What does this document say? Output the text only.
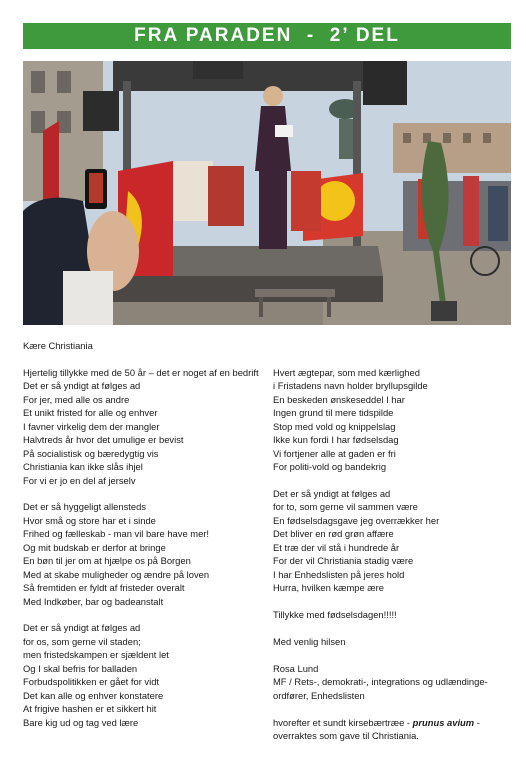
FRA PARADEN  -  2’ DEL
Kære Christiania
Hjertelig tillykke med de 50 år – det er noget af en bedrift
Det er så yndigt at følges ad
For jer, med alle os andre
Et unikt fristed for alle og enhver
I favner virkelig dem der mangler
Halvtreds år hvor det umulige er bevist
På socialistisk og bæredygtig vis
Christiania kan ikke slås ihjel
For vi er jo en del af jerselv
Det er så hyggeligt allensteds
Hvor små og store har et i sinde
Frihed og fælleskab - man vil bare have mer!
Og mit budskab er derfor at bringe
En bøn til jer om at hjælpe os på Borgen
Med at skabe muligheder og ændre på loven
Så fremtiden er fyldt af fristeder overalt
Med Indkøber, bar og badeanstalt
Det er så yndigt at følges ad
for os, som gerne vil staden;
men fristedskampen er sjældent let
Og I skal befris for balladen
Forbudspolitikken er gået for vidt
Det kan alle og enhver konstatere
At frigive hashen er et sikkert hit
Bare kig ud og tag ved lære
Hvert ægtepar, som med kærlighed
i Fristadens navn holder bryllupsgilde
En beskeden ønskeseddel I har
Ingen grund til mere tidspilde
Stop med vold og knippelslag
Ikke kun fordi I har fødselsdag
Vi fortjener alle at gaden er fri
For politi-vold og bandekrig
Det er så yndigt at følges ad
for to, som gerne vil sammen være
En fødselsdagsgave jeg overrækker her
Det bliver en rød grøn affære
Et træ der vil stå i hundrede år
For der vil Christiania stadig være
I har Enhedslisten på jeres hold
Hurra, hvilken kæmpe ære
Tillykke med fødselsdagen!!!!!
Med venlig hilsen
Rosa Lund
MF / Rets-, demokrati-, integrations og udlændinge-
ordfører, Enhedslisten
hvorefter et sundt kirsebærtræe - prunus avium -
overraktes som gave til Christiania.
